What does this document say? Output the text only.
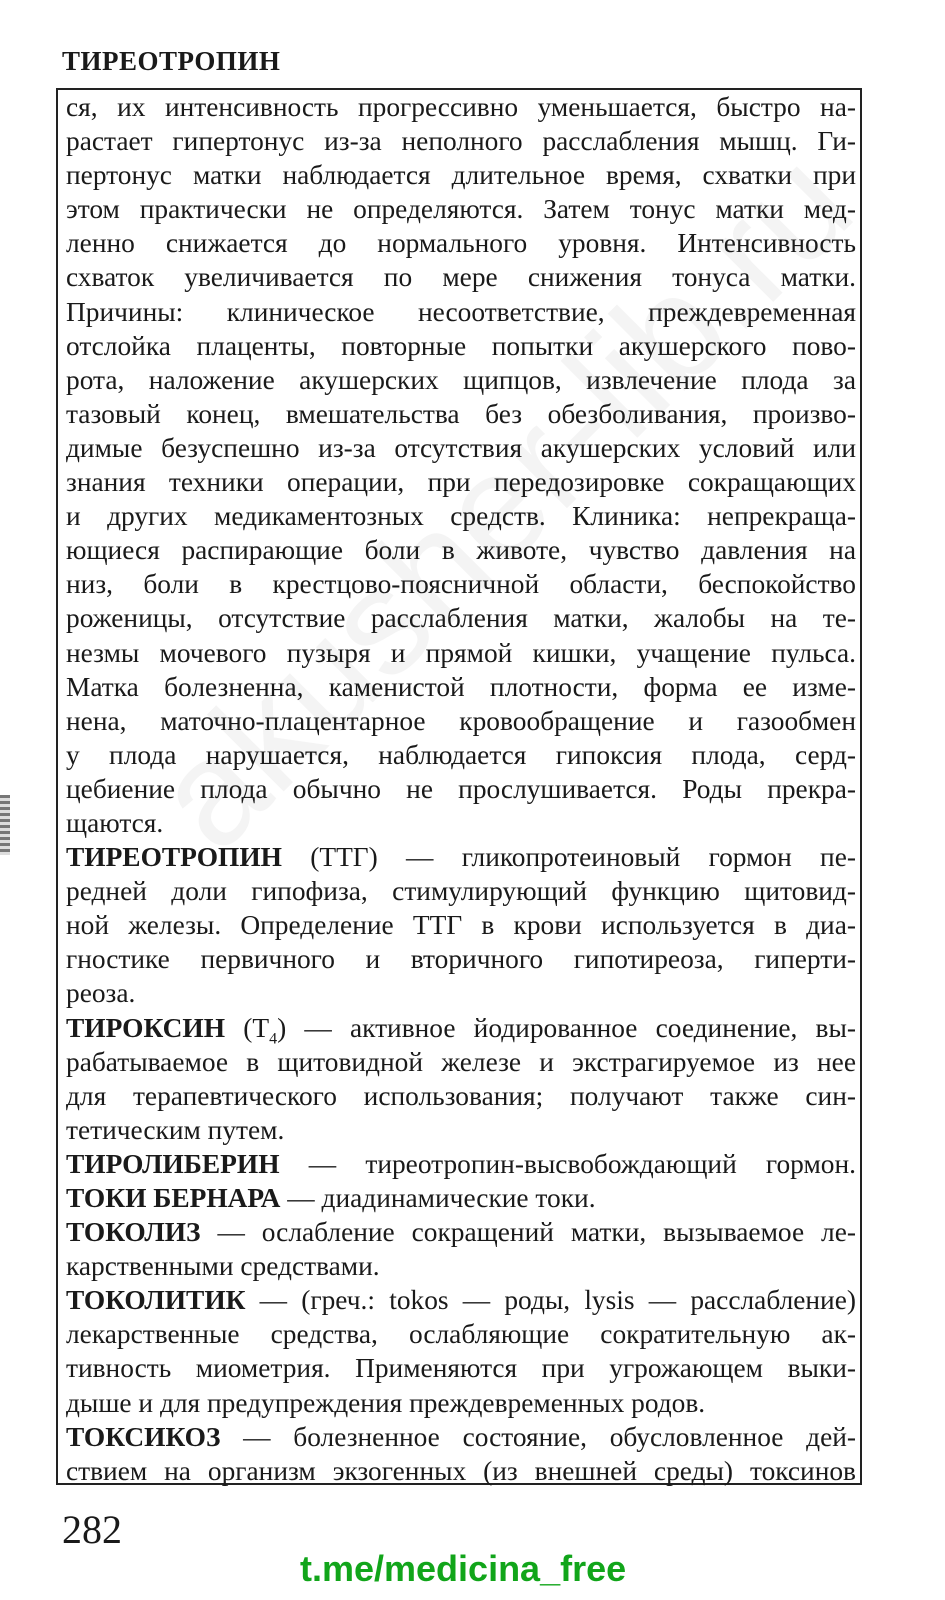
ТИРЕОТРОПИН
ся, их интенсивность прогрессивно уменьшается, быстро на-
растает гипертонус из-за неполного расслабления мышц. Ги-
пертонус матки наблюдается длительное время, схватки при
этом практически не определяются. Затем тонус матки мед-
ленно снижается до нормального уровня. Интенсивность
схваток увеличивается по мере снижения тонуса матки.
Причины: клиническое несоответствие, преждевременная
отслойка плаценты, повторные попытки акушерского пово-
рота, наложение акушерских щипцов, извлечение плода за
тазовый конец, вмешательства без обезболивания, произво-
димые безуспешно из-за отсутствия акушерских условий или
знания техники операции, при передозировке сокращающих
и других медикаментозных средств. Клиника: непрекраща-
ющиеся распирающие боли в животе, чувство давления на
низ, боли в крестцово-поясничной области, беспокойство
роженицы, отсутствие расслабления матки, жалобы на те-
незмы мочевого пузыря и прямой кишки, учащение пульса.
Матка болезненна, каменистой плотности, форма ее изме-
нена, маточно-плацентарное кровообращение и газообмен
у плода нарушается, наблюдается гипоксия плода, серд-
цебиение плода обычно не прослушивается. Роды прекра-
щаются.
ТИРЕОТРОПИН (ТТГ) — гликопротеиновый гормон пе-
редней доли гипофиза, стимулирующий функцию щитовид-
ной железы. Определение ТТГ в крови используется в диа-
гностике первичного и вторичного гипотиреоза, гиперти-
реоза.
ТИРОКСИН $(Т_4)$ — активное йодированное соединение, вы-
рабатываемое в щитовидной железе и экстрагируемое из нее
для терапевтического использования; получают также син-
тетическим путем.
ТИРОЛИБЕРИН — тиреотропин-высвобождающий гормон.
ТОКИ БЕРНАРА — диадинамические токи.
ТОКОЛИЗ — ослабление сокращений матки, вызываемое ле-
карственными средствами.
ТОКОЛИТИК — (греч.: tokos — роды, lysis — расслабление)
лекарственные средства, ослабляющие сократительную ак-
тивность миометрия. Применяются при угрожающем выки-
дыше и для предупреждения преждевременных родов.
ТОКСИКОЗ — болезненное состояние, обусловленное дей-
ствием на организм экзогенных (из внешней среды) токсинов
282
t.me/medicina_free
